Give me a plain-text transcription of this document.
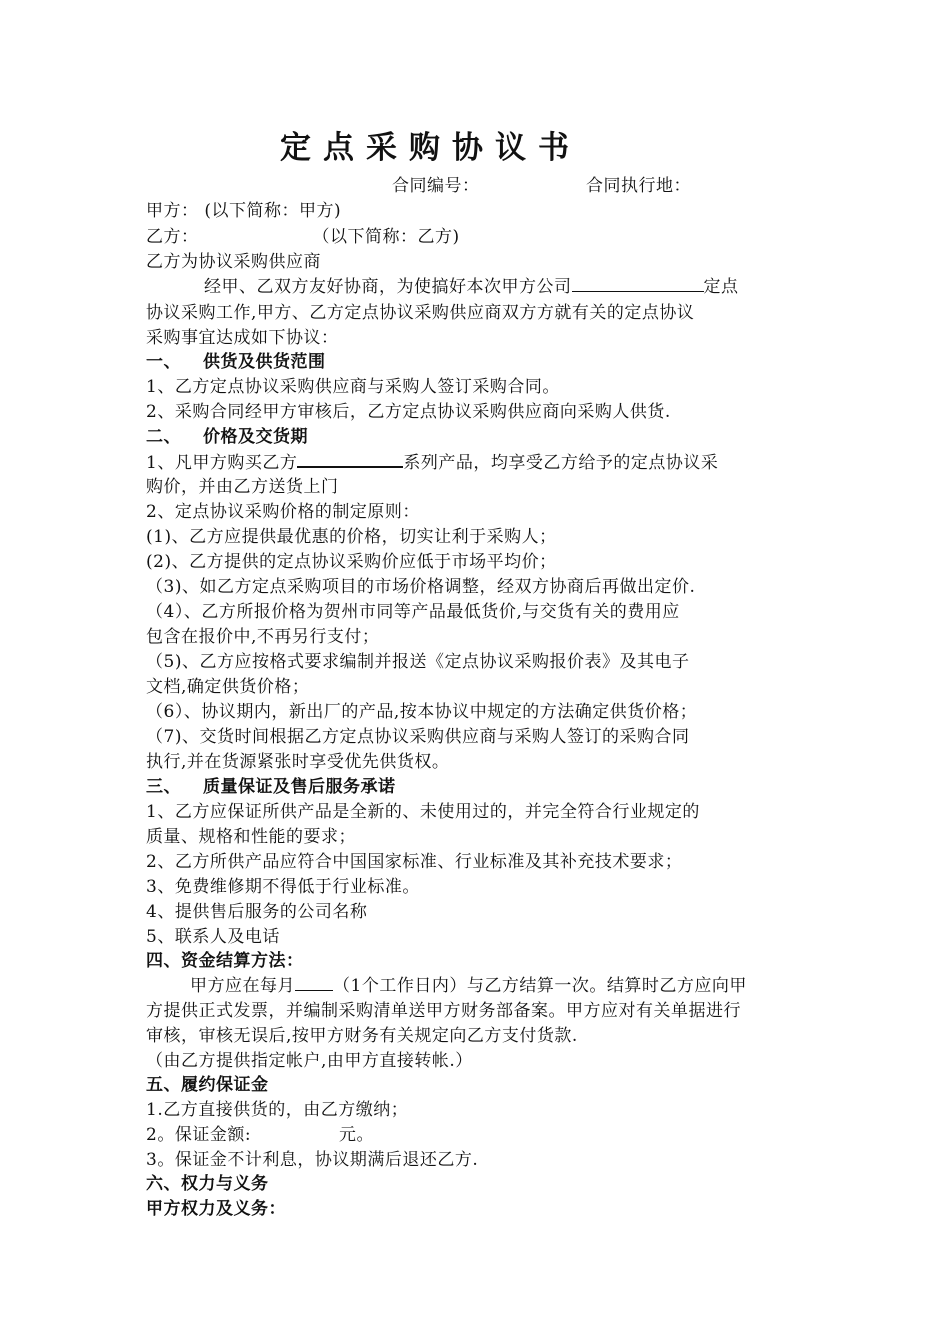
定点采购协议书
合同编号：	合同执行地：
甲方： (以下简称：甲方)
乙方：	（以下简称：乙方)
乙方为协议采购供应商
经甲、乙双方友好协商，为使搞好本次甲方公司	定点
协议采购工作,甲方、乙方定点协议采购供应商双方方就有关的定点协议
采购事宜达成如下协议：
一、 供货及供货范围
1、乙方定点协议采购供应商与采购人签订采购合同。
2、采购合同经甲方审核后，乙方定点协议采购供应商向采购人供货.
二、 价格及交货期
1、凡甲方购买乙方	系列产品，均享受乙方给予的定点协议采
购价，并由乙方送货上门
2、定点协议采购价格的制定原则：
(1)、乙方应提供最优惠的价格，切实让利于采购人；
(2)、乙方提供的定点协议采购价应低于市场平均价；
（3)、如乙方定点采购项目的市场价格调整，经双方协商后再做出定价.
（4）、乙方所报价格为贺州市同等产品最低货价,与交货有关的费用应
包含在报价中,不再另行支付；
（5)、乙方应按格式要求编制并报送《定点协议采购报价表》及其电子
文档,确定供货价格；
（6）、协议期内，新出厂的产品,按本协议中规定的方法确定供货价格；
（7)、交货时间根据乙方定点协议采购供应商与采购人签订的采购合同
执行,并在货源紧张时享受优先供货权。
三、 质量保证及售后服务承诺
1、乙方应保证所供产品是全新的、未使用过的，并完全符合行业规定的
质量、规格和性能的要求；
2、乙方所供产品应符合中国国家标准、行业标准及其补充技术要求；
3、免费维修期不得低于行业标准。
4、提供售后服务的公司名称
5、联系人及电话
四、资金结算方法：
甲方应在每月 （1个工作日内）与乙方结算一次。结算时乙方应向甲
方提供正式发票，并编制采购清单送甲方财务部备案。甲方应对有关单据进行
审核，审核无误后,按甲方财务有关规定向乙方支付货款.
（由乙方提供指定帐户,由甲方直接转帐.）
五、履约保证金
1.乙方直接供货的，由乙方缴纳；
2。保证金额:	元。
3。保证金不计利息，协议期满后退还乙方.
六、权力与义务
甲方权力及义务：
